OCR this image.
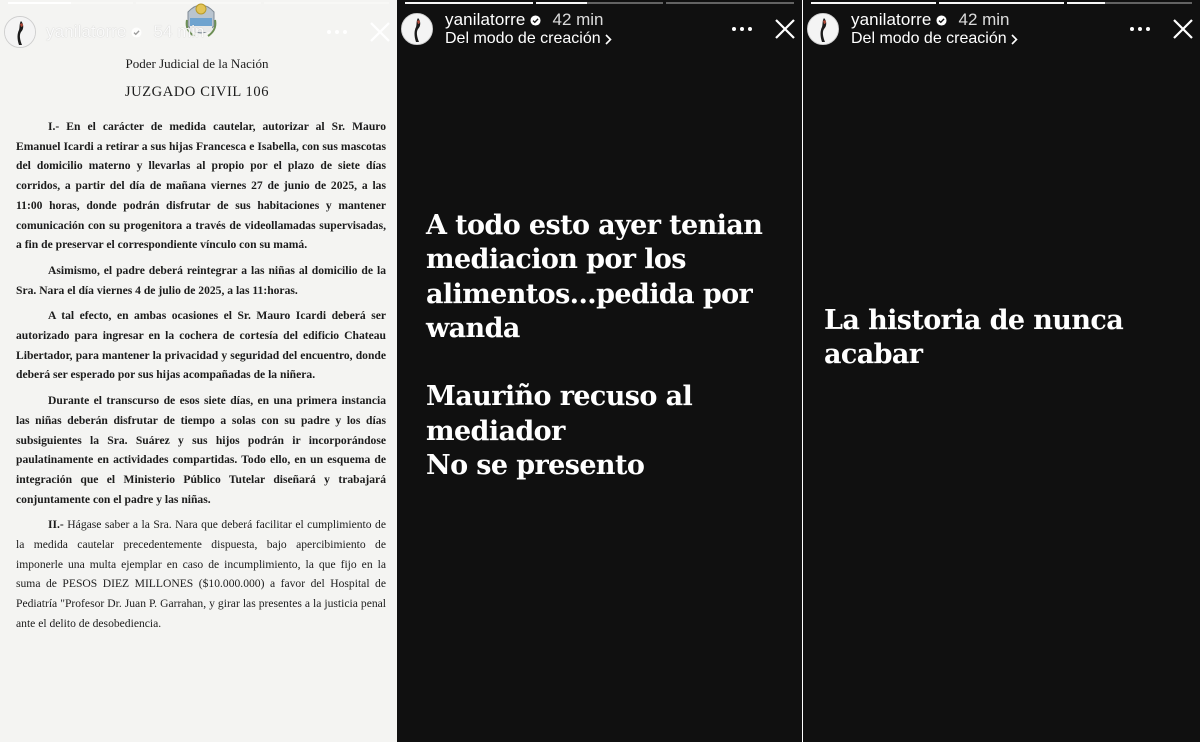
yanilatorre 54 min
Poder Judicial de la Nación
JUZGADO CIVIL 106

I.- En el carácter de medida cautelar, autorizar al Sr. Mauro Emanuel Icardi a retirar a sus hijas Francesca e Isabella, con sus mascotas del domicilio materno y llevarlas al propio por el plazo de siete días corridos, a partir del día de mañana viernes 27 de junio de 2025, a las 11:00 horas, donde podrán disfrutar de sus habitaciones y mantener comunicación con su progenitora a través de videollamadas supervisadas, a fin de preservar el correspondiente vínculo con su mamá.

Asimismo, el padre deberá reintegrar a las niñas al domicilio de la Sra. Nara el día viernes 4 de julio de 2025, a las 11:horas.

A tal efecto, en ambas ocasiones el Sr. Mauro Icardi deberá ser autorizado para ingresar en la cochera de cortesía del edificio Chateau Libertador, para mantener la privacidad y seguridad del encuentro, donde deberá ser esperado por sus hijas acompañadas de la niñera.

Durante el transcurso de esos siete días, en una primera instancia las niñas deberán disfrutar de tiempo a solas con su padre y los días subsiguientes la Sra. Suárez y sus hijos podrán ir incorporándose paulatinamente en actividades compartidas. Todo ello, en un esquema de integración que el Ministerio Público Tutelar diseñará y trabajará conjuntamente con el padre y las niñas.

II.- Hágase saber a la Sra. Nara que deberá facilitar el cumplimiento de la medida cautelar precedentemente dispuesta, bajo apercibimiento de imponerle una multa ejemplar en caso de incumplimiento, la que fijo en la suma de PESOS DIEZ MILLONES ($10.000.000) a favor del Hospital de Pediatría "Profesor Dr. Juan P. Garrahan, y girar las presentes a la justicia penal ante el delito de desobediencia.

yanilatorre 42 min
Del modo de creación
A todo esto ayer tenian mediacion por los alimentos...pedida por wanda

Mauriño recuso al mediador
No se presento
yanilatorre 42 min
Del modo de creación
La historia de nunca acabar
